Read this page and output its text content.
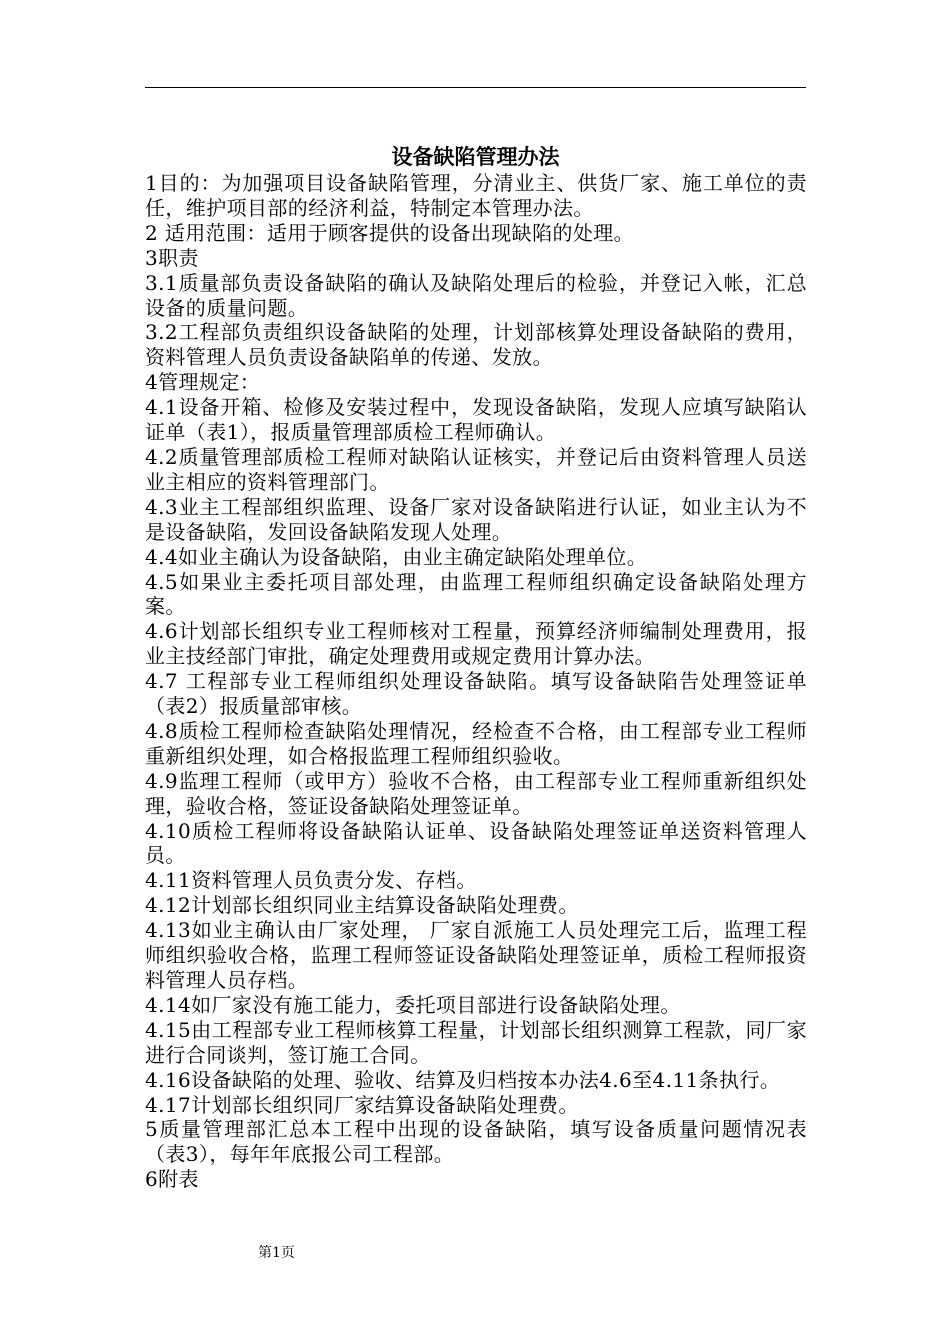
设备缺陷管理办法
1目的：为加强项目设备缺陷管理，分清业主、供货厂家、施工单位的责任，维护项目部的经济利益，特制定本管理办法。
2 适用范围：适用于顾客提供的设备出现缺陷的处理。
3职责
3.1质量部负责设备缺陷的确认及缺陷处理后的检验，并登记入帐，汇总设备的质量问题。
3.2工程部负责组织设备缺陷的处理，计划部核算处理设备缺陷的费用，资料管理人员负责设备缺陷单的传递、发放。
4管理规定：
4.1设备开箱、检修及安装过程中，发现设备缺陷，发现人应填写缺陷认证单（表1），报质量管理部质检工程师确认。
4.2质量管理部质检工程师对缺陷认证核实，并登记后由资料管理人员送业主相应的资料管理部门。
4.3业主工程部组织监理、设备厂家对设备缺陷进行认证，如业主认为不是设备缺陷，发回设备缺陷发现人处理。
4.4如业主确认为设备缺陷，由业主确定缺陷处理单位。
4.5如果业主委托项目部处理，由监理工程师组织确定设备缺陷处理方案。
4.6计划部长组织专业工程师核对工程量，预算经济师编制处理费用，报业主技经部门审批，确定处理费用或规定费用计算办法。
4.7 工程部专业工程师组织处理设备缺陷。填写设备缺陷告处理签证单（表2）报质量部审核。
4.8质检工程师检查缺陷处理情况，经检查不合格，由工程部专业工程师重新组织处理，如合格报监理工程师组织验收。
4.9监理工程师（或甲方）验收不合格，由工程部专业工程师重新组织处理，验收合格，签证设备缺陷处理签证单。
4.10质检工程师将设备缺陷认证单、设备缺陷处理签证单送资料管理人员。
4.11资料管理人员负责分发、存档。
4.12计划部长组织同业主结算设备缺陷处理费。
4.13如业主确认由厂家处理， 厂家自派施工人员处理完工后，监理工程师组织验收合格，监理工程师签证设备缺陷处理签证单，质检工程师报资料管理人员存档。
4.14如厂家没有施工能力，委托项目部进行设备缺陷处理。
4.15由工程部专业工程师核算工程量，计划部长组织测算工程款，同厂家进行合同谈判，签订施工合同。
4.16设备缺陷的处理、验收、结算及归档按本办法4.6至4.11条执行。
4.17计划部长组织同厂家结算设备缺陷处理费。
5质量管理部汇总本工程中出现的设备缺陷，填写设备质量问题情况表（表3），每年年底报公司工程部。
6附表

第1页
